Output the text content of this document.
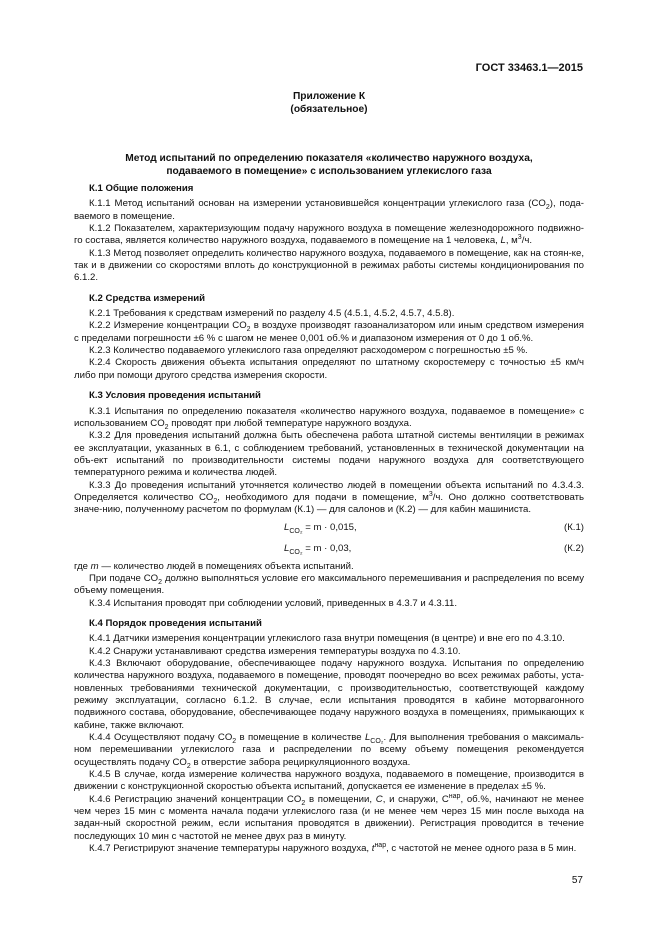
ГОСТ 33463.1—2015
Приложение К
(обязательное)
Метод испытаний по определению показателя «количество наружного воздуха,
подаваемого в помещение» с использованием углекислого газа
К.1 Общие положения

К.1.1 Метод испытаний основан на измерении установившейся концентрации углекислого газа $(CO_2)$, пода-ваемого в помещение.

К.1.2 Показателем, характеризующим подачу наружного воздуха в помещение железнодорожного подвижно-го состава, является количество наружного воздуха, подаваемого в помещение на 1 человека, L, $м^3/ч$.

К.1.3 Метод позволяет определить количество наружного воздуха, подаваемого в помещение, как на стоян-ке, так и в движении со скоростями вплоть до конструкционной в режимах работы системы кондиционирования по 6.1.2.

К.2 Средства измерений

К.2.1 Требования к средствам измерений по разделу 4.5 (4.5.1, 4.5.2, 4.5.7, 4.5.8).

К.2.2 Измерение концентрации $CO_2$ в воздухе производят газоанализатором или иным средством измерения с пределами погрешности ±6 % с шагом не менее 0,001 об.% и диапазоном измерения от 0 до 1 об.%.

К.2.3 Количество подаваемого углекислого газа определяют расходомером с погрешностью ±5 %.

К.2.4 Скорость движения объекта испытания определяют по штатному скоростемеру с точностью ±5 км/ч либо при помощи другого средства измерения скорости.

К.3 Условия проведения испытаний

К.3.1 Испытания по определению показателя «количество наружного воздуха, подаваемое в помещение» с использованием $CO_2$ проводят при любой температуре наружного воздуха.

К.3.2 Для проведения испытаний должна быть обеспечена работа штатной системы вентиляции в режимах ее эксплуатации, указанных в 6.1, с соблюдением требований, установленных в технической документации на объ-ект испытаний по производительности системы подачи наружного воздуха для соответствующего температурного режима и количества людей.

К.3.3 До проведения испытаний уточняется количество людей в помещении объекта испытаний по 4.3.4.3. Определяется количество $CO_2$, необходимого для подачи в помещение, $м^3/ч$. Оно должно соответствовать значе-нию, полученному расчетом по формулам (К.1) — для салонов и (К.2) — для кабин машиниста.

$L_{CO_2} = m \cdot 0,015$,	(К.1)
$L_{CO_2} = m \cdot 0,03$,	(К.2)

где m — количество людей в помещениях объекта испытаний.

При подаче $CO_2$ должно выполняться условие его максимального перемешивания и распределения по всему объему помещения.

К.3.4 Испытания проводят при соблюдении условий, приведенных в 4.3.7 и 4.3.11.

К.4 Порядок проведения испытаний

К.4.1 Датчики измерения концентрации углекислого газа внутри помещения (в центре) и вне его по 4.3.10.

К.4.2 Снаружи устанавливают средства измерения температуры воздуха по 4.3.10.

К.4.3 Включают оборудование, обеспечивающее подачу наружного воздуха. Испытания по определению количества наружного воздуха, подаваемого в помещение, проводят поочередно во всех режимах работы, уста-новленных требованиями технической документации, с производительностью, соответствующей каждому режиму эксплуатации, согласно 6.1.2. В случае, если испытания проводятся в кабине моторвагонного подвижного состава, оборудование, обеспечивающее подачу наружного воздуха в помещениях, примыкающих к кабине, также включают.

К.4.4 Осуществляют подачу $CO_2$ в помещение в количестве $L_{CO_2}$. Для выполнения требования о максималь-ном перемешивании углекислого газа и распределении по всему объему помещения рекомендуется осуществлять подачу $CO_2$ в отверстие забора рециркуляционного воздуха.

К.4.5 В случае, когда измерение количества наружного воздуха, подаваемого в помещение, производится в движении с конструкционной скоростью объекта испытаний, допускается ее изменение в пределах ±5 %.

К.4.6 Регистрацию значений концентрации $CO_2$ в помещении, C, и снаружи, $C^{нар}$, об.%, начинают не менее чем через 15 мин с момента начала подачи углекислого газа (и не менее чем через 15 мин после выхода на задан-ный скоростной режим, если испытания проводятся в движении). Регистрация проводится в течение последующих 10 мин с частотой не менее двух раз в минуту.

К.4.7 Регистрируют значение температуры наружного воздуха, $t^{нар}$, с частотой не менее одного раза в 5 мин.

57
